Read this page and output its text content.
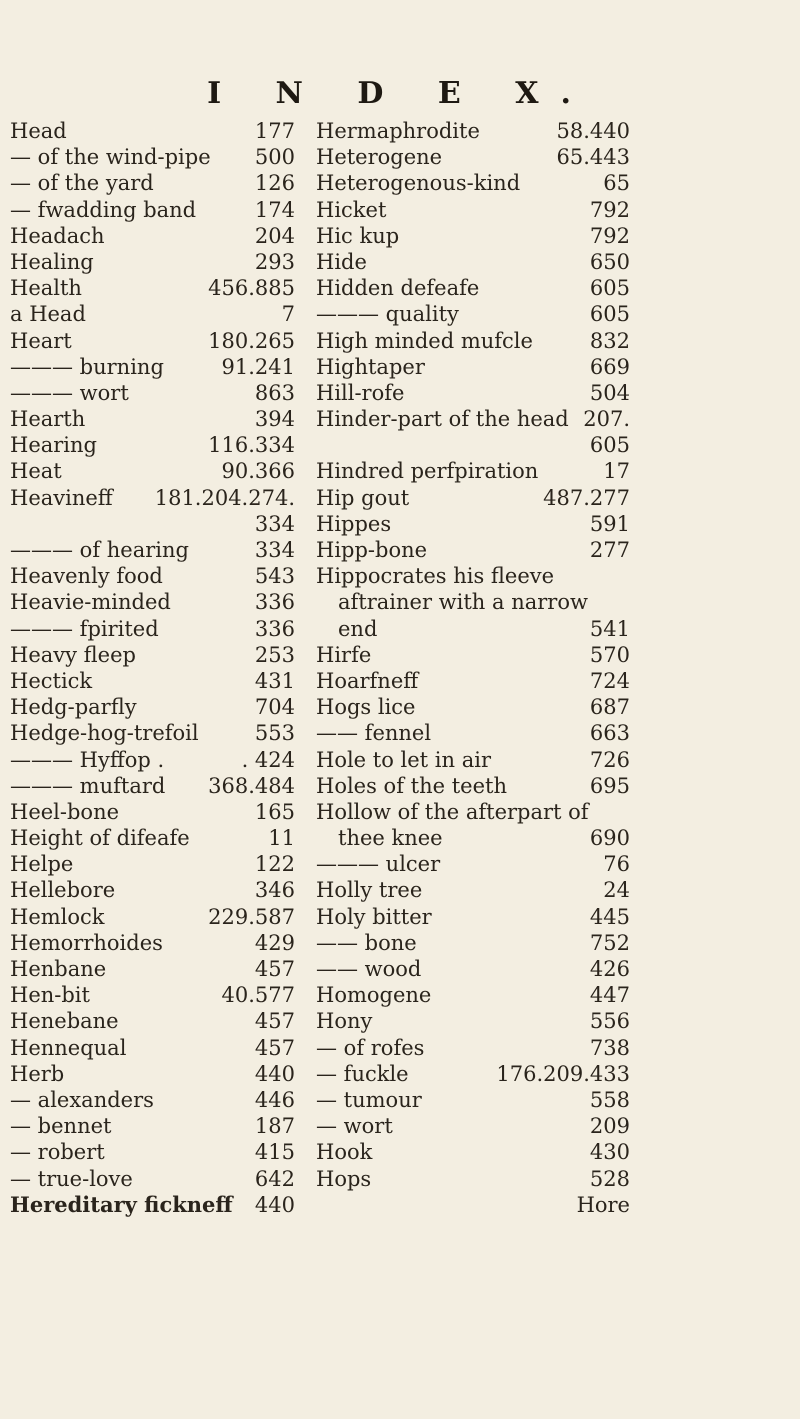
I N D E X.
Head	177
— of the wind-pipe 500
— of the yard	126
— fwadding band	174
Headach	204
Healing	293
Health	456.885
a Head	7
Heart	180.265
——— burning	91.241
——— wort	863
Hearth	394
Hearing	116.334
Heat	90.366
Heavineff 181.204.274.
334
——— of hearing	334
Heavenly food	543
Heavie-minded	336
——— fpirited	336
Heavy fleep	253
Hectick	431
Hedg-parfly	704
Hedge-hog-trefoil	553
——— Hyffop .	. 424
——— muftard 368.484
Heel-bone	165
Height of difeafe	11
Helpe	122
Hellebore	346
Hemlock	229.587
Hemorrhoides	429
Henbane	457
Hen-bit	40.577
Henebane	457
Hennequal	457
Herb	440
— alexanders	446
— bennet	187
— robert	415
— true-love	642
Hereditary fickneff 440
Hermaphrodite	58.440
Heterogene	65.443
Heterogenous-kind	65
Hicket	792
Hic kup	792
Hide	650
Hidden defeafe	605
——— quality	605
High minded mufcle	832
Hightaper	669
Hill-rofe	504
Hinder-part of the head 207.
605
Hindred perfpiration	17
Hip gout	487.277
Hippes	591
Hipp-bone	277
Hippocrates his fleeve
aftrainer with a narrow
end	541
Hirfe	570
Hoarfneff	724
Hogs lice	687
—— fennel	663
Hole to let in air	726
Holes of the teeth	695
Hollow of the afterpart of
thee knee	690
——— ulcer	76
Holly tree	24
Holy bitter	445
—— bone	752
—— wood	426
Homogene	447
Hony	556
— of rofes	738
— fuckle	176.209.433
— tumour	558
— wort	209
Hook	430
Hops	528
Hore
